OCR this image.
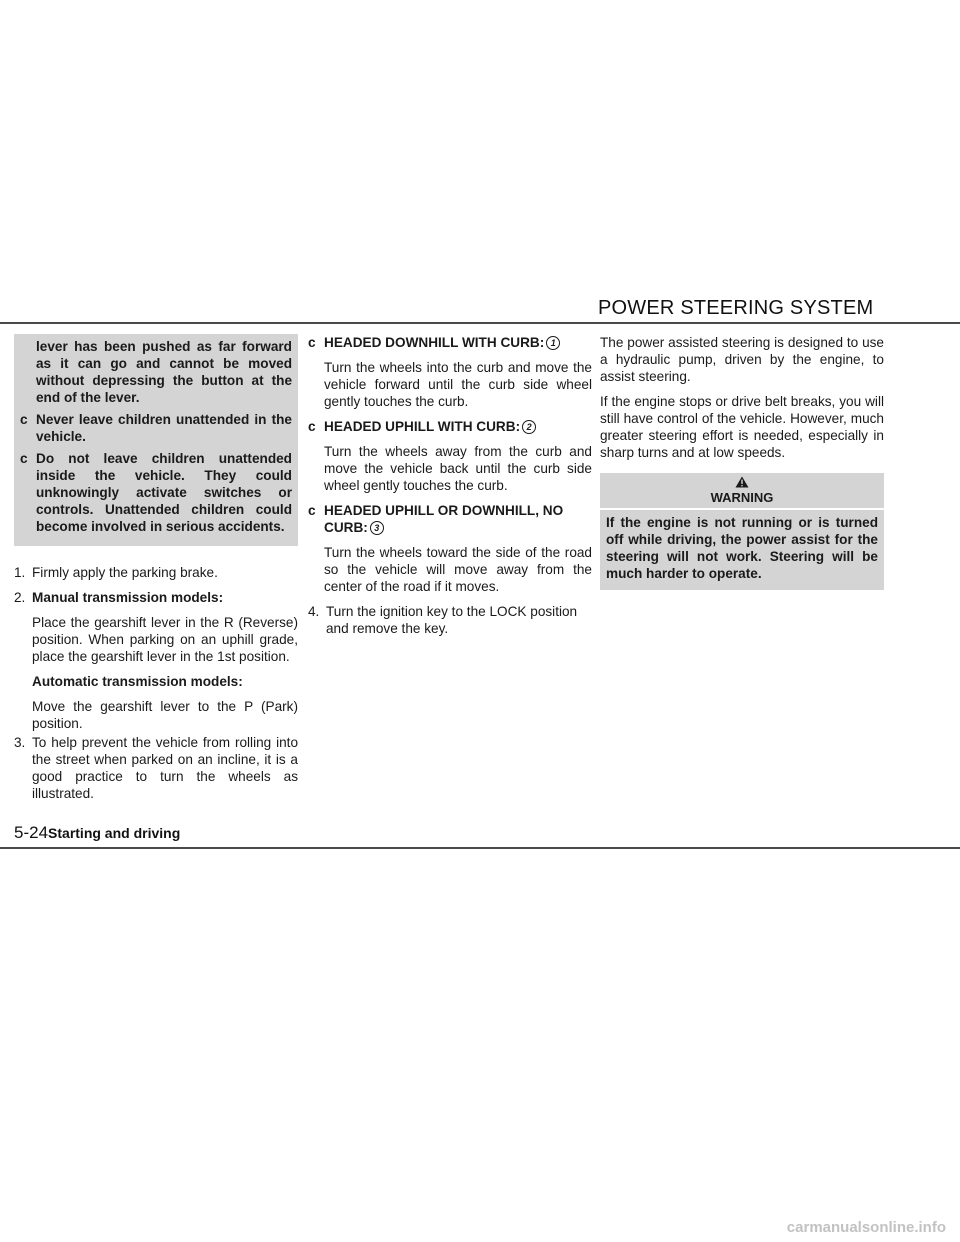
POWER STEERING SYSTEM

lever has been pushed as far forward as it can go and cannot be moved without depressing the button at the end of the lever.

c Never leave children unattended in the vehicle.

c Do not leave children unattended inside the vehicle. They could unknowingly activate switches or controls. Unattended children could become involved in serious accidents.

1. Firmly apply the parking brake.
2. Manual transmission models:
Place the gearshift lever in the R (Reverse) position. When parking on an uphill grade, place the gearshift lever in the 1st position.
Automatic transmission models:
Move the gearshift lever to the P (Park) position.
3. To help prevent the vehicle from rolling into the street when parked on an incline, it is a good practice to turn the wheels as illustrated.
c HEADED DOWNHILL WITH CURB: 1

Turn the wheels into the curb and move the vehicle forward until the curb side wheel gently touches the curb.

c HEADED UPHILL WITH CURB: 2

Turn the wheels away from the curb and move the vehicle back until the curb side wheel gently touches the curb.

c HEADED UPHILL OR DOWNHILL, NO CURB: 3

Turn the wheels toward the side of the road so the vehicle will move away from the center of the road if it moves.

4. Turn the ignition key to the LOCK position and remove the key.

The power assisted steering is designed to use a hydraulic pump, driven by the engine, to assist steering.

If the engine stops or drive belt breaks, you will still have control of the vehicle. However, much greater steering effort is needed, especially in sharp turns and at low speeds.

WARNING
If the engine is not running or is turned off while driving, the power assist for the steering will not work. Steering will be much harder to operate.
5-24Starting and driving
carmanualsonline.info
